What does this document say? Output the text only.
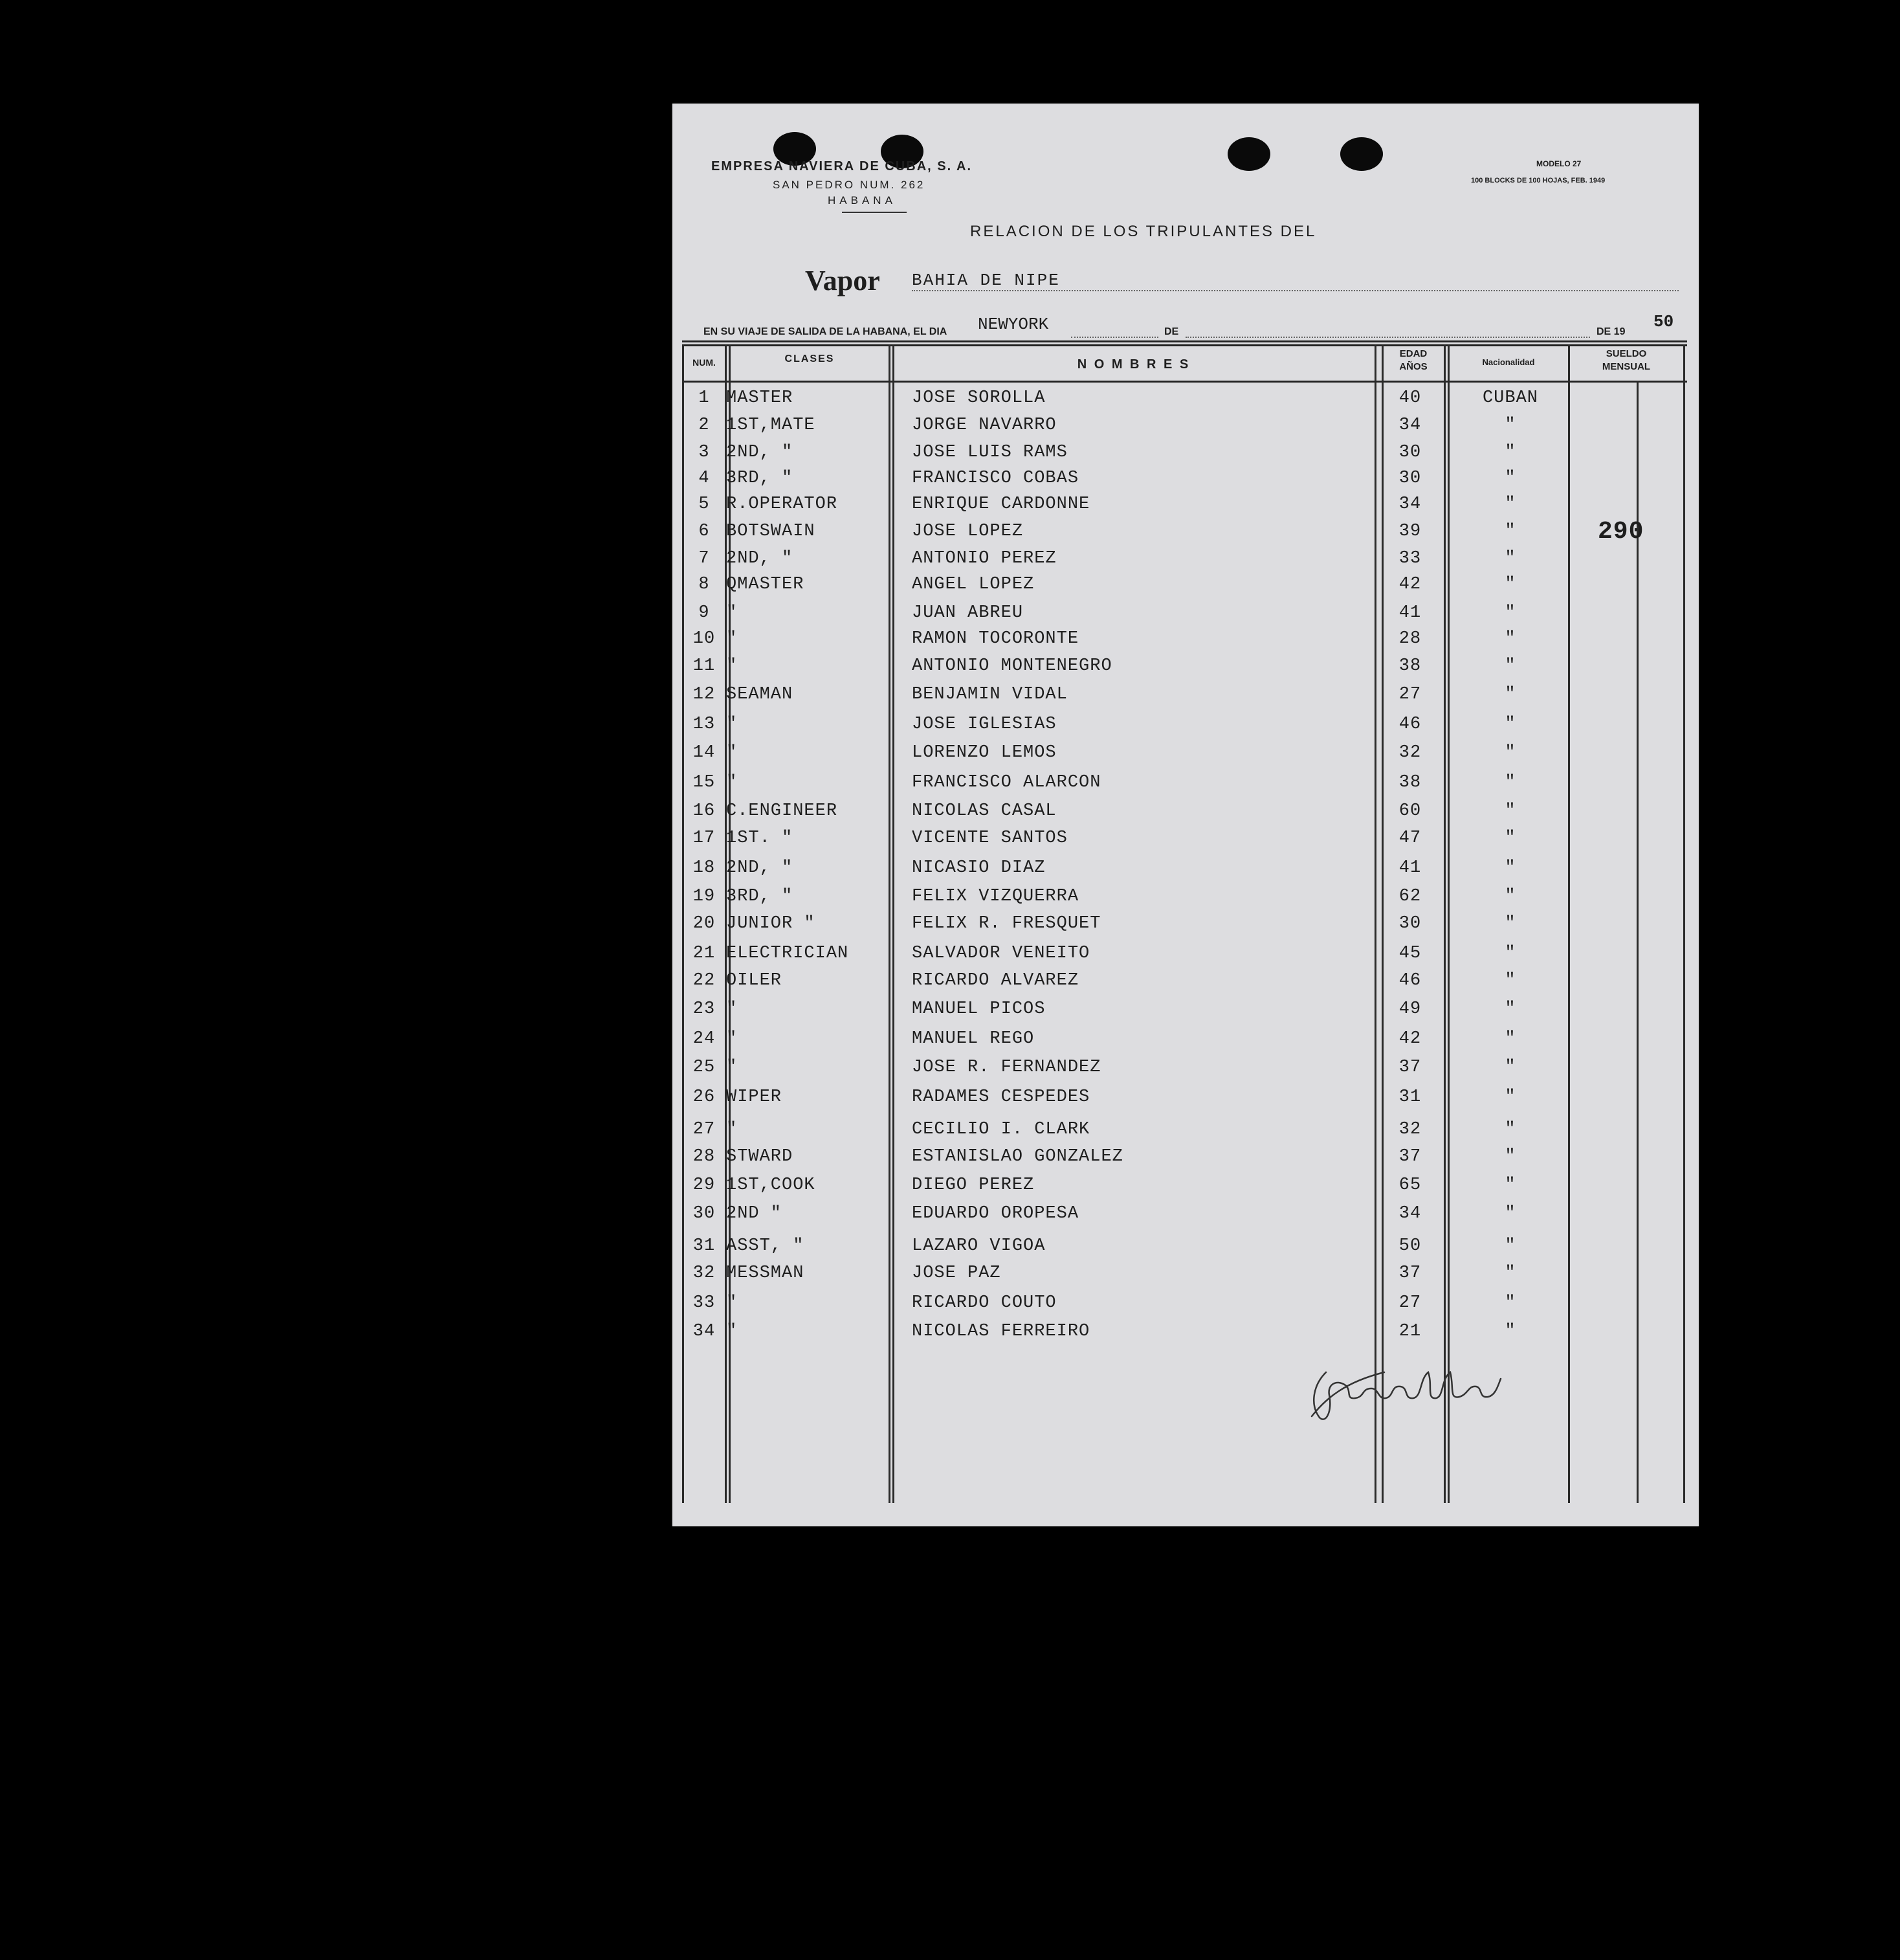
EMPRESA NAVIERA DE CUBA, S. A.
SAN PEDRO NUM. 262
HABANA
MODELO 27
100 BLOCKS DE 100 HOJAS, FEB. 1949
RELACION DE LOS TRIPULANTES DEL
Vapor BAHIA DE NIPE
EN SU VIAJE DE SALIDA DE LA HABANA, EL DIA NEWYORK	DE	DE 19
50
NUM.	CLASES	N O M B R E S
EDAD
AÑOS	Nacionalidad
SUELDO
MENSUAL
1 MASTER	JOSE SOROLLA	40	CUBAN
2 1ST,MATE	JORGE NAVARRO	34	"
3 2ND, "	JOSE LUIS RAMS	30	"
4 3RD, "	FRANCISCO COBAS	30	"
5 R.OPERATOR	ENRIQUE CARDONNE	34	"
6 BOTSWAIN	JOSE LOPEZ	39	"	290
7 2ND, "	ANTONIO PEREZ	33	"
8 QMASTER	ANGEL LOPEZ	42	"
9 "	JUAN ABREU	41	"
10 "	RAMON TOCORONTE	28	"
11 "	ANTONIO MONTENEGRO	38	"
12 SEAMAN	BENJAMIN VIDAL	27	"
13 "	JOSE IGLESIAS	46	"
14 "	LORENZO LEMOS	32	"
15 "	FRANCISCO ALARCON	38	"
16 C.ENGINEER	NICOLAS CASAL	60	"
17 1ST. "	VICENTE SANTOS	47	"
18 2ND, "	NICASIO DIAZ	41	"
19 3RD, "	FELIX VIZQUERRA	62	"
20 JUNIOR "	FELIX R. FRESQUET	30	"
21 ELECTRICIAN	SALVADOR VENEITO	45	"
22 OILER	RICARDO ALVAREZ	46	"
23 "	MANUEL PICOS	49	"
24 "	MANUEL REGO	42	"
25 "	JOSE R. FERNANDEZ	37	"
26 WIPER	RADAMES CESPEDES	31	"
27 "	CECILIO I. CLARK	32	"
28 STWARD	ESTANISLAO GONZALEZ	37	"
29 1ST,COOK	DIEGO PEREZ	65	"
30 2ND "	EDUARDO OROPESA	34	"
31 ASST, "	LAZARO VIGOA	50	"
32 MESSMAN	JOSE PAZ	37	"
33 "	RICARDO COUTO	27	"
34 "	NICOLAS FERREIRO	21	"
